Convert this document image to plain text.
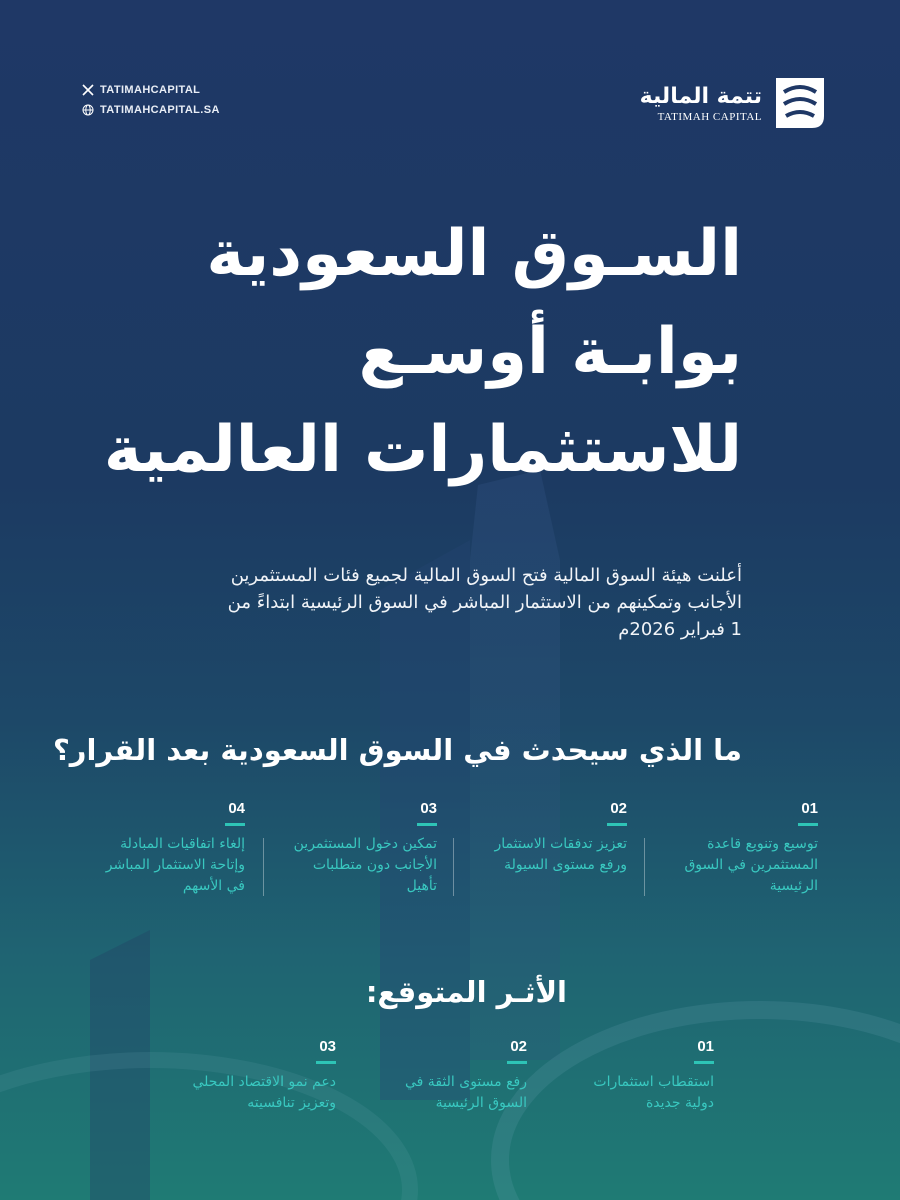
TATIMAHCAPITAL
TATIMAHCAPITAL.SA
تتمة المالية
TATIMAH CAPITAL
السـوق السعودية
بوابـة أوسـع
للاستثمارات العالمية
أعلنت هيئة السوق المالية فتح السوق المالية لجميع فئات المستثمرين
الأجانب وتمكينهم من الاستثمار المباشر في السوق الرئيسية ابتداءً من
1 فبراير 2026م
ما الذي سيحدث في السوق السعودية بعد القرار؟
01
توسيع وتنويع قاعدة
المستثمرين في السوق
الرئيسية
02
تعزيز تدفقات الاستثمار
ورفع مستوى السيولة
03
تمكين دخول المستثمرين
الأجانب دون متطلبات
تأهيل
04
إلغاء اتفاقيات المبادلة
وإتاحة الاستثمار المباشر
في الأسهم
الأثـر المتوقع:
01
استقطاب استثمارات
دولية جديدة
02
رفع مستوى الثقة في
السوق الرئيسية
03
دعم نمو الاقتصاد المحلي
وتعزيز تنافسيته
